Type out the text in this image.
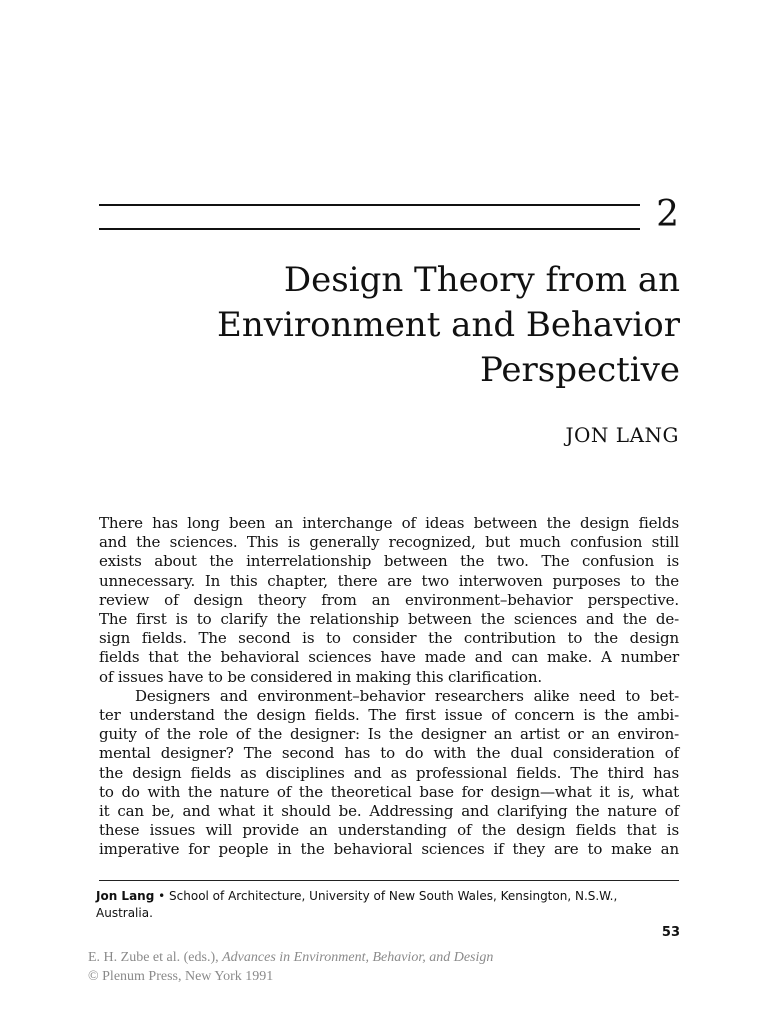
2
Design Theory from an
Environment and Behavior
Perspective
JON LANG
There has long been an interchange of ideas between the design fields
and the sciences. This is generally recognized, but much confusion still
exists about the interrelationship between the two. The confusion is
unnecessary. In this chapter, there are two interwoven purposes to the
review of design theory from an environment–behavior perspective.
The first is to clarify the relationship between the sciences and the de-
sign fields. The second is to consider the contribution to the design
fields that the behavioral sciences have made and can make. A number
of issues have to be considered in making this clarification.
Designers and environment–behavior researchers alike need to bet-
ter understand the design fields. The first issue of concern is the ambi-
guity of the role of the designer: Is the designer an artist or an environ-
mental designer? The second has to do with the dual consideration of
the design fields as disciplines and as professional fields. The third has
to do with the nature of the theoretical base for design—what it is, what
it can be, and what it should be. Addressing and clarifying the nature of
these issues will provide an understanding of the design fields that is
imperative for people in the behavioral sciences if they are to make an
Jon Lang • School of Architecture, University of New South Wales, Kensington, N.S.W.,
Australia.
53
E. H. Zube et al. (eds.), Advances in Environment, Behavior, and Design
© Plenum Press, New York 1991
